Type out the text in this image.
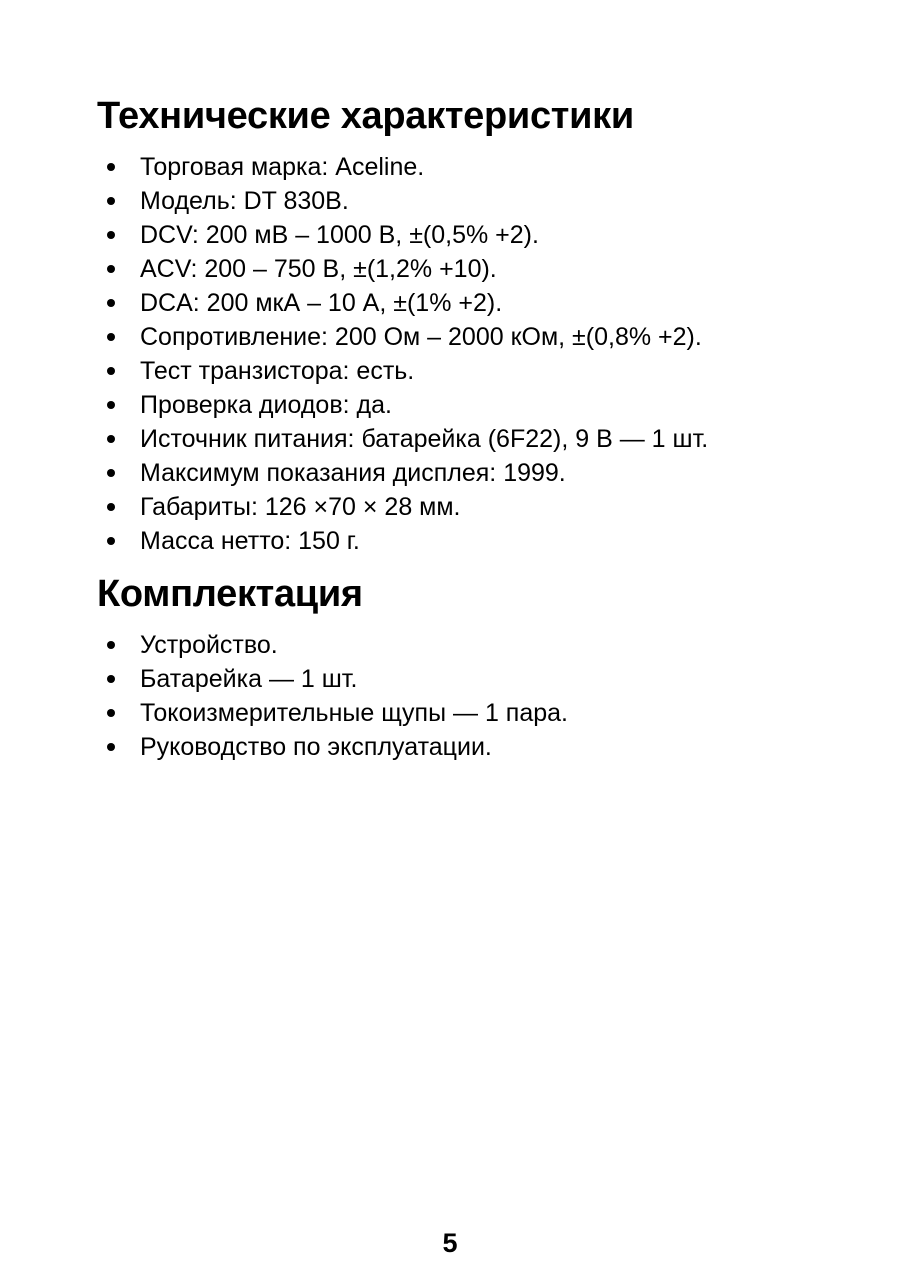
Технические характеристики
Торговая марка: Aceline.
Модель: DT 830B.
DCV: 200 мВ – 1000 В, ±(0,5% +2).
ACV: 200 – 750 В, ±(1,2% +10).
DCA: 200 мкА – 10 А, ±(1% +2).
Сопротивление: 200 Ом – 2000 кОм, ±(0,8% +2).
Тест транзистора: есть.
Проверка диодов: да.
Источник питания: батарейка (6F22), 9 В — 1 шт.
Максимум показания дисплея: 1999.
Габариты: 126 ×70 × 28 мм.
Масса нетто: 150 г.
Комплектация
Устройство.
Батарейка — 1 шт.
Токоизмерительные щупы — 1 пара.
Руководство по эксплуатации.
5
